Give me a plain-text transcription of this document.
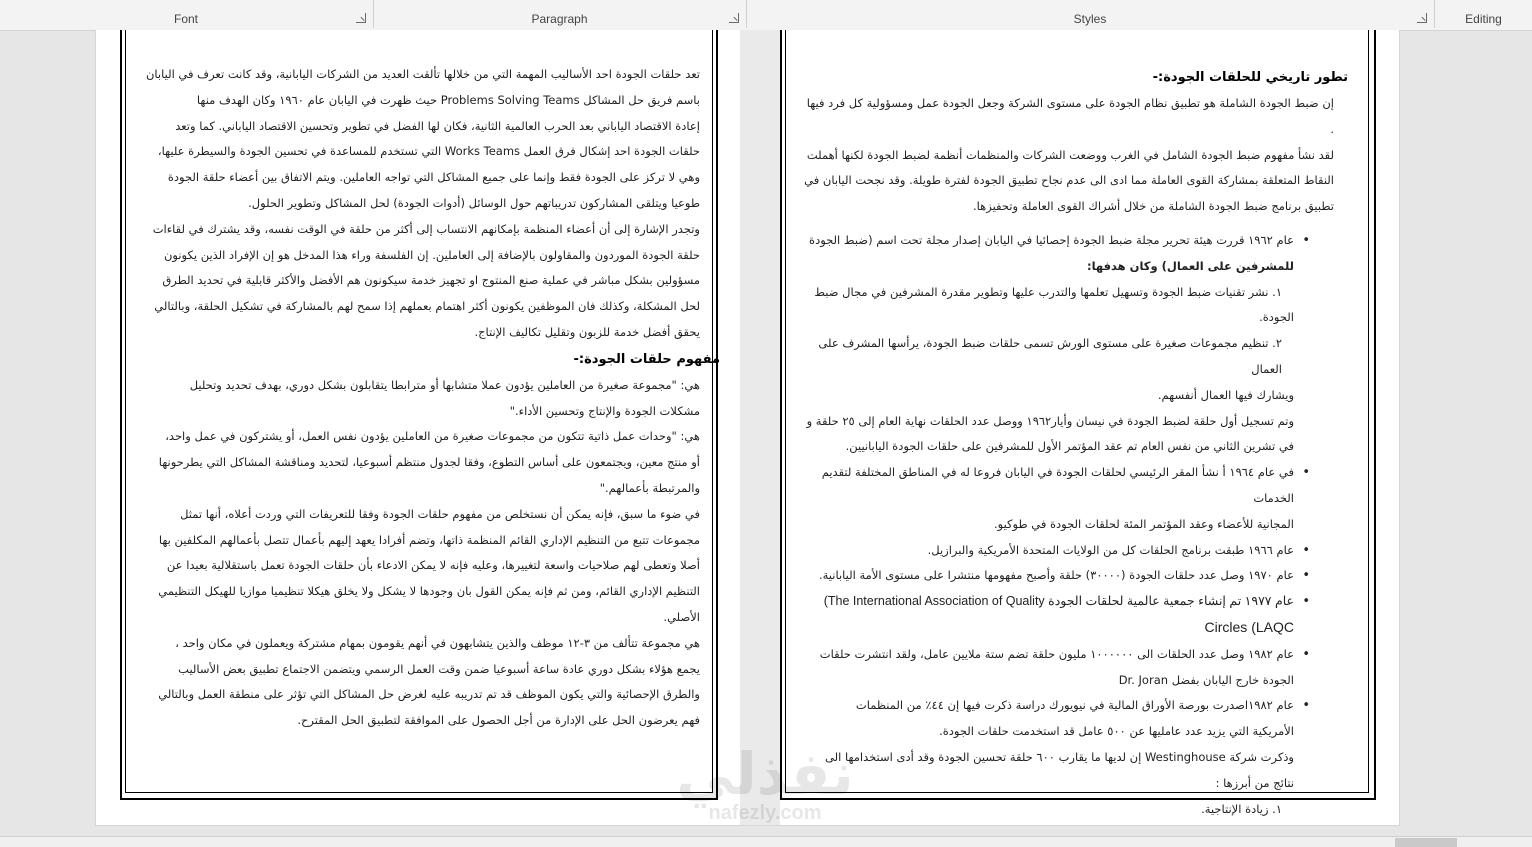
Font	Paragraph	Styles	Editing

تعد حلقات الجودة احد الأساليب المهمة التي من خلالها تألقت العديد من الشركات اليابانية، وقد كانت تعرف في اليابان

باسم فريق حل المشاكل Problems Solving Teams حيث ظهرت في اليابان عام ١٩٦٠ وكان الهدف منها

إعادة الاقتصاد الياباني بعد الحرب العالمية الثانية، فكان لها الفضل في تطوير وتحسين الاقتصاد الياباني. كما وتعد

حلقات الجودة احد إشكال فرق العمل Works Teams التي تستخدم للمساعدة في تحسين الجودة والسيطرة عليها،

وهي لا تركز على الجودة فقط وإنما على جميع المشاكل التي تواجه العاملين. ويتم الاتفاق بين أعضاء حلقة الجودة

طوعيا ويتلقى المشاركون تدريباتهم حول الوسائل (أدوات الجودة) لحل المشاكل وتطوير الحلول.

وتجدر الإشارة إلى أن أعضاء المنظمة بإمكانهم الانتساب إلى أكثر من حلقة في الوقت نفسه، وقد يشترك في لقاءات

حلقة الجودة الموردون والمقاولون بالإضافة إلى العاملين. إن الفلسفة وراء هذا المدخل هو إن الإفراد الذين يكونون

مسؤولين بشكل مباشر في عملية صنع المنتوج او تجهيز خدمة سيكونون هم الأفضل والأكثر قابلية في تحديد الطرق

لحل المشكلة، وكذلك فان الموظفين يكونون أكثر اهتمام بعملهم إذا سمح لهم بالمشاركة في تشكيل الحلقة، وبالتالي

يحقق أفضل خدمة للزبون وتقليل تكاليف الإنتاج.

مفهوم حلقات الجودة:-

هي: "مجموعة صغيرة من العاملين يؤدون عملا متشابها أو مترابطا يتقابلون بشكل دوري، بهدف تحديد وتحليل

مشكلات الجودة والإنتاج وتحسين الأداء."

هي: "وحدات عمل ذاتية تتكون من مجموعات صغيرة من العاملين يؤدون نفس العمل، أو يشتركون في عمل واحد،

أو منتج معين، ويجتمعون على أساس التطوع، وفقا لجدول منتظم أسبوعيا، لتحديد ومناقشة المشاكل التي يطرحونها

والمرتبطة بأعمالهم."

في ضوء ما سبق، فإنه يمكن أن نستخلص من مفهوم حلقات الجودة وفقا للتعريفات التي وردت أعلاه، أنها تمثل

مجموعات تتبع من التنظيم الإداري القائم المنظمة ذاتها، وتضم أفرادا يعهد إليهم بأعمال تتصل بأعمالهم المكلفين بها

أصلا وتعطى لهم صلاحيات واسعة لتغييرها، وعليه فإنه لا يمكن الادعاء بأن حلقات الجودة تعمل باستقلالية بعيدا عن

التنظيم الإداري القائم، ومن ثم فإنه يمكن القول بان وجودها لا يشكل ولا يخلق هيكلا تنظيميا موازيا للهيكل التنظيمي

الأصلي.

هي مجموعة تتألف من ٣-١٢ موظف والذين يتشابهون في أنهم يقومون بمهام مشتركة ويعملون في مكان واحد ،

يجمع هؤلاء بشكل دوري عادة ساعة أسبوعيا ضمن وقت العمل الرسمي ويتضمن الاجتماع تطبيق بعض الأساليب

والطرق الإحصائية والتي يكون الموظف قد تم تدريبه عليه لغرض حل المشاكل التي تؤثر على منطقة العمل وبالتالي

فهم يعرضون الحل على الإدارة من أجل الحصول على الموافقة لتطبيق الحل المقترح.

تطور تاريخي للحلقات الجودة:-

إن ضبط الجودة الشاملة هو تطبيق نظام الجودة على مستوى الشركة وجعل الجودة عمل ومسؤولية كل فرد فيها .

لقد نشأ مفهوم ضبط الجودة الشامل في الغرب ووضعت الشركات والمنظمات أنظمة لضبط الجودة لكنها أهملت

النقاط المتعلقة بمشاركة القوى العاملة مما ادى الى عدم نجاح تطبيق الجودة لفترة طويلة. وقد نجحت اليابان في

تطبيق برنامج ضبط الجودة الشاملة من خلال أشراك القوى العاملة وتحفيزها.

• عام ١٩٦٢ قررت هيئة تحرير مجلة ضبط الجودة إحصائيا في اليابان إصدار مجلة تحت اسم (ضبط الجودة
للمشرفين على العمال) وكان هدفها:

١. نشر تقنيات ضبط الجودة وتسهيل تعلمها والتدرب عليها وتطوير مقدرة المشرفين في مجال ضبط

الجودة.

٢. تنظيم مجموعات صغيرة على مستوى الورش تسمى حلقات ضبط الجودة، يرأسها المشرف على العمال

ويشارك فيها العمال أنفسهم.

وتم تسجيل أول حلقة لضبط الجودة في نيسان وأيار١٩٦٢ ووصل عدد الحلقات نهاية العام إلى ٢٥ حلقة و

في تشرين الثاني من نفس العام تم عقد المؤتمر الأول للمشرفين على حلقات الجودة اليابانيين.

• في عام ١٩٦٤ أ نشأ المقر الرئيسي لحلقات الجودة في اليابان فروعا له في المناطق المختلفة لتقديم الخدمات
المجانية للأعضاء وعقد المؤتمر المئة لحلقات الجودة في طوكيو.
• عام ١٩٦٦ طبقت برنامج الحلقات كل من الولايات المتحدة الأمريكية والبرازيل.
• عام ١٩٧٠ وصل عدد حلقات الجودة (٣٠٠٠٠) حلقة وأصبح مفهومها منتشرا على مستوى الأمة اليابانية.
• عام ١٩٧٧ تم إنشاء جمعية عالمية لحلقات الجودة The International Association of Quality)
Circles (LAQC
• عام ١٩٨٢ وصل عدد الحلقات الى ١٠٠٠٠٠٠ مليون حلقة تضم ستة ملايين عامل، ولقد انتشرت حلقات
الجودة خارج اليابان بفضل Dr. Joran
• عام ١٩٨٢اصدرت بورصة الأوراق المالية في نيويورك دراسة ذكرت فيها إن ٤٤٪ من المنظمات
الأمريكية التي يزيد عدد عامليها عن ٥٠٠ عامل قد استخدمت حلقات الجودة.

وذكرت شركة Westinghouse إن لديها ما يقارب ٦٠٠ حلقة تحسين الجودة وقد أدى استخدامها الى

نتائج من أبرزها :

١. زيادة الإنتاجية.

نفذلي
nafezly.com
